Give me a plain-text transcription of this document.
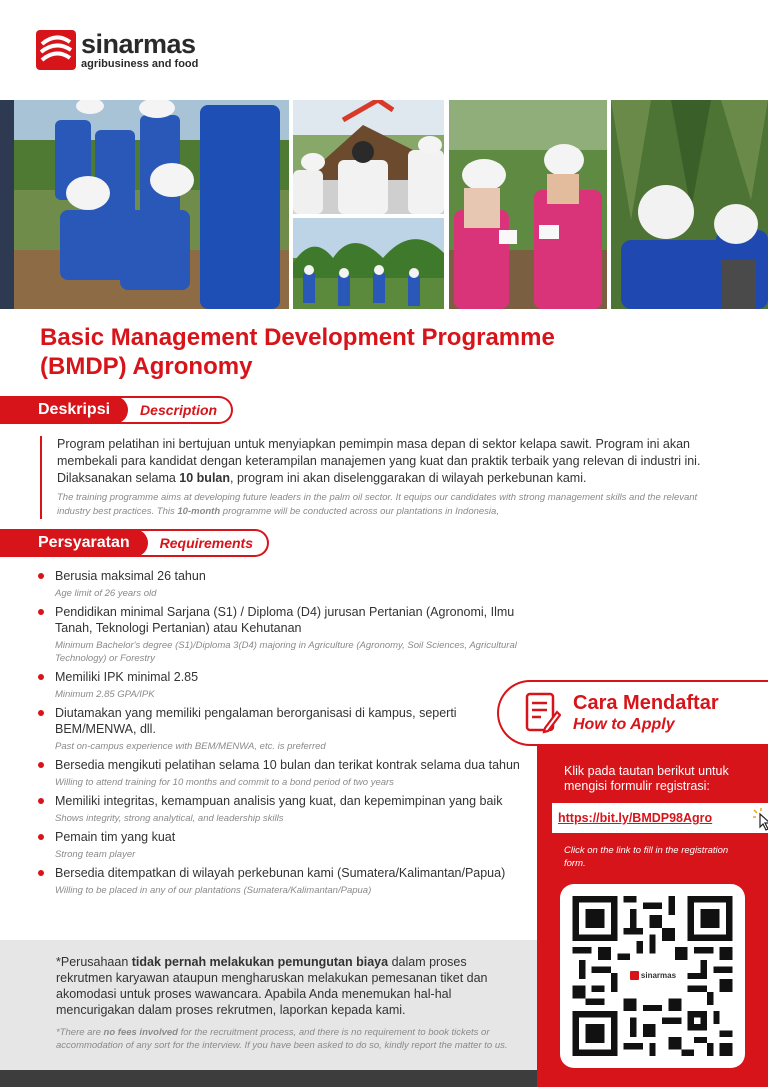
sinarmas
agribusiness and food
Basic Management Development Programme (BMDP) Agronomy
Deskripsi	Description

Program pelatihan ini bertujuan untuk menyiapkan pemimpin masa depan di sektor kelapa sawit. Program ini akan membekali para kandidat dengan keterampilan manajemen yang kuat dan praktik terbaik yang relevan di industri ini. Dilaksanakan selama 10 bulan, program ini akan diselenggarakan di wilayah perkebunan kami.

The training programme aims at developing future leaders in the palm oil sector. It equips our candidates with strong management skills and the relevant industry best practices. This 10-month programme will be conducted across our plantations in Indonesia,

Persyaratan	Requirements
Berusia maksimal 26 tahun
Age limit of 26 years old
Pendidikan minimal Sarjana (S1) / Diploma (D4) jurusan Pertanian (Agronomi, Ilmu Tanah, Teknologi Pertanian) atau Kehutanan
Minimum Bachelor's degree (S1)/Diploma 3(D4) majoring in Agriculture (Agronomy, Soil Sciences, Agricultural Technology) or Forestry
Memiliki IPK minimal 2.85
Minimum 2.85 GPA/IPK
Diutamakan yang memiliki pengalaman berorganisasi di kampus, seperti BEM/MENWA, dll.
Past on-campus experience with BEM/MENWA, etc. is preferred
Bersedia mengikuti pelatihan selama 10 bulan dan terikat kontrak selama dua tahun
Willing to attend training for 10 months and commit to a bond period of two years
Memiliki integritas, kemampuan analisis yang kuat, dan kepemimpinan yang baik
Shows integrity, strong analytical, and leadership skills
Pemain tim yang kuat
Strong team player
Bersedia ditempatkan di wilayah perkebunan kami (Sumatera/Kalimantan/Papua)
Willing to be placed in any of our plantations (Sumatera/Kalimantan/Papua)

*Perusahaan tidak pernah melakukan pemungutan biaya dalam proses rekrutmen karyawan ataupun mengharuskan melakukan pemesanan tiket dan akomodasi untuk proses wawancara. Apabila Anda menemukan hal-hal mencurigakan dalam proses rekrutmen, laporkan kepada kami.

*There are no fees involved for the recruitment process, and there is no requirement to book tickets or accommodation of any sort for the interview. If you have been asked to do so, kindly report the matter to us.

Cara Mendaftar
How to Apply

Klik pada tautan berikut untuk mengisi formulir registrasi:

https://bit.ly/BMDP98Agro

Click on the link to fill in the registration form.

sinarmas
